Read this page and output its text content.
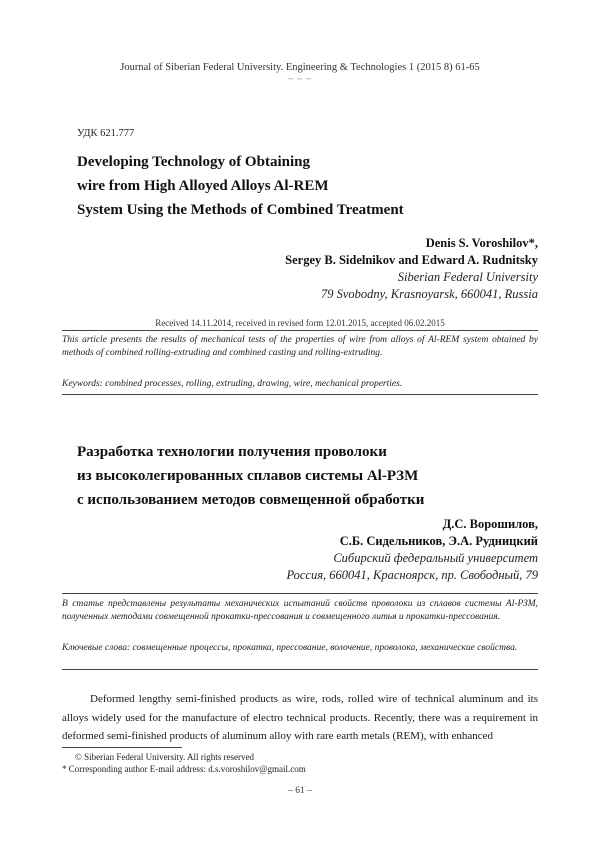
Journal of Siberian Federal University. Engineering & Technologies 1 (2015 8) 61-65
~ ~ ~
УДК 621.777
Developing Technology of Obtaining
wire from High Alloyed Alloys Al-REM
System Using the Methods of Combined Treatment
Denis S. Voroshilov*,
Sergey B. Sidelnikov and Edward A. Rudnitsky
Siberian Federal University
79 Svobodny, Krasnoyarsk, 660041, Russia
Received 14.11.2014, received in revised form 12.01.2015, accepted 06.02.2015
This article presents the results of mechanical tests of the properties of wire from alloys of Al-REM system obtained by methods of combined rolling-extruding and combined casting and rolling-extruding.
Keywords: combined processes, rolling, extruding, drawing, wire, mechanical properties.
Разработка технологии получения проволоки
из высоколегированных сплавов системы Al-РЗМ
с использованием методов совмещенной обработки
Д.С. Ворошилов,
С.Б. Сидельников, Э.А. Рудницкий
Сибирский федеральный университет
Россия, 660041, Красноярск, пр. Свободный, 79
В статье представлены результаты механических испытаний свойств проволоки из сплавов системы Al-РЗМ, полученных методами совмещенной прокатки-прессования и совмещенного литья и прокатки-прессования.
Ключевые слова: совмещенные процессы, прокатка, прессование, волочение, проволока, механические свойства.
Deformed lengthy semi-finished products as wire, rods, rolled wire of technical aluminum and its alloys widely used for the manufacture of electro technical products. Recently, there was a requirement in deformed semi-finished products of aluminum alloy with rare earth metals (REM), with enhanced
© Siberian Federal University. All rights reserved
* Corresponding author E-mail address: d.s.voroshilov@gmail.com
– 61 –
